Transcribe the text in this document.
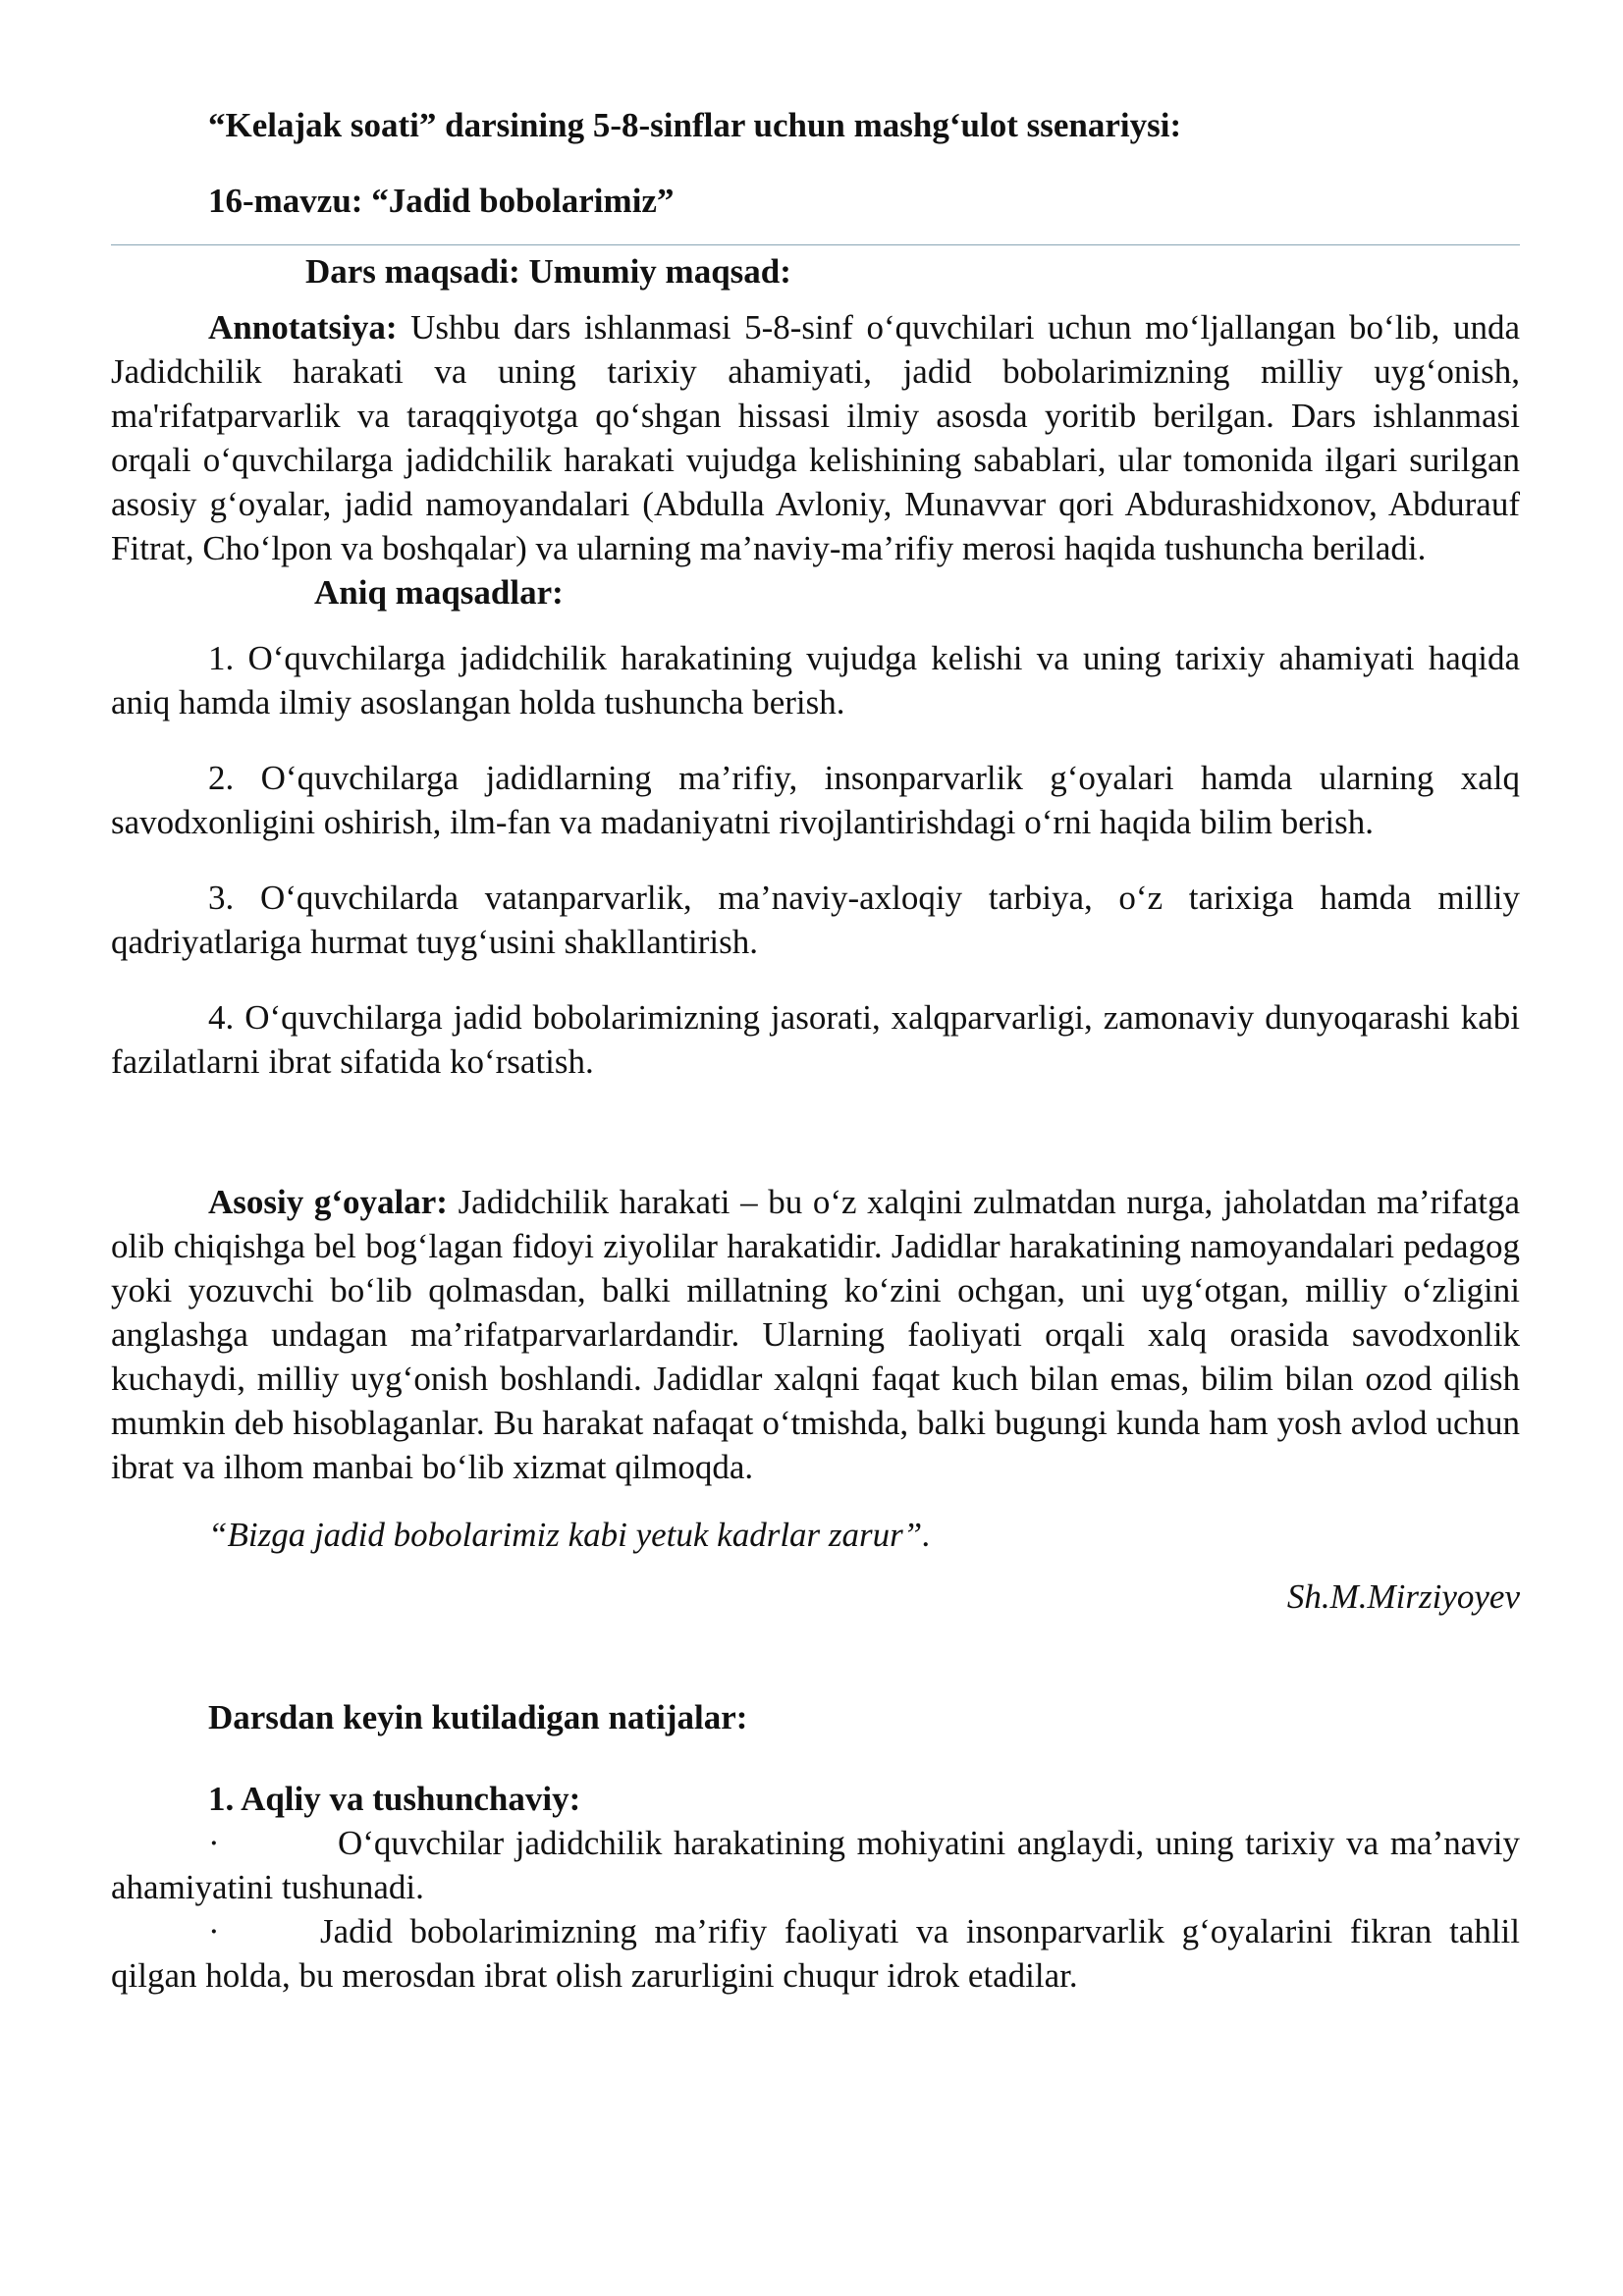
“Kelajak soati” darsining 5-8-sinflar uchun mashg‘ulot ssenariysi:

16-mavzu: “Jadid bobolarimiz”

Dars maqsadi: Umumiy maqsad:

Annotatsiya: Ushbu dars ishlanmasi 5-8-sinf o‘quvchilari uchun mo‘ljallangan bo‘lib, unda Jadidchilik harakati va uning tarixiy ahamiyati, jadid bobolarimizning milliy uyg‘onish, ma'rifatparvarlik va taraqqiyotga qo‘shgan hissasi ilmiy asosda yoritib berilgan. Dars ishlanmasi orqali o‘quvchilarga jadidchilik harakati vujudga kelishining sabablari, ular tomonida ilgari surilgan asosiy g‘oyalar, jadid namoyandalari (Abdulla Avloniy, Munavvar qori Abdurashidxonov, Abdurauf Fitrat, Cho‘lpon va boshqalar) va ularning ma’naviy-ma’rifiy merosi haqida tushuncha beriladi.

Aniq maqsadlar:

1. O‘quvchilarga jadidchilik harakatining vujudga kelishi va uning tarixiy ahamiyati haqida aniq hamda ilmiy asoslangan holda tushuncha berish.

2. O‘quvchilarga jadidlarning ma’rifiy, insonparvarlik g‘oyalari hamda ularning xalq savodxonligini oshirish, ilm-fan va madaniyatni rivojlantirishdagi o‘rni haqida bilim berish.

3. O‘quvchilarda vatanparvarlik, ma’naviy-axloqiy tarbiya, o‘z tarixiga hamda milliy qadriyatlariga hurmat tuyg‘usini shakllantirish.

4. O‘quvchilarga jadid bobolarimizning jasorati, xalqparvarligi, zamonaviy dunyoqarashi kabi fazilatlarni ibrat sifatida ko‘rsatish.

Asosiy g‘oyalar: Jadidchilik harakati – bu o‘z xalqini zulmatdan nurga, jaholatdan ma’rifatga olib chiqishga bel bog‘lagan fidoyi ziyolilar harakatidir. Jadidlar harakatining namoyandalari pedagog yoki yozuvchi bo‘lib qolmasdan, balki millatning ko‘zini ochgan, uni uyg‘otgan, milliy o‘zligini anglashga undagan ma’rifatparvarlardandir. Ularning faoliyati orqali xalq orasida savodxonlik kuchaydi, milliy uyg‘onish boshlandi. Jadidlar xalqni faqat kuch bilan emas, bilim bilan ozod qilish mumkin deb hisoblaganlar. Bu harakat nafaqat o‘tmishda, balki bugungi kunda ham yosh avlod uchun ibrat va ilhom manbai bo‘lib xizmat qilmoqda.

“Bizga jadid bobolarimiz kabi yetuk kadrlar zarur”.

Sh.M.Mirziyoyev

Darsdan keyin kutiladigan natijalar:

1. Aqliy va tushunchaviy:

·	O‘quvchilar jadidchilik harakatining mohiyatini anglaydi, uning tarixiy va ma’naviy ahamiyatini tushunadi.

·	Jadid bobolarimizning ma’rifiy faoliyati va insonparvarlik g‘oyalarini fikran tahlil qilgan holda, bu merosdan ibrat olish zarurligini chuqur idrok etadilar.
